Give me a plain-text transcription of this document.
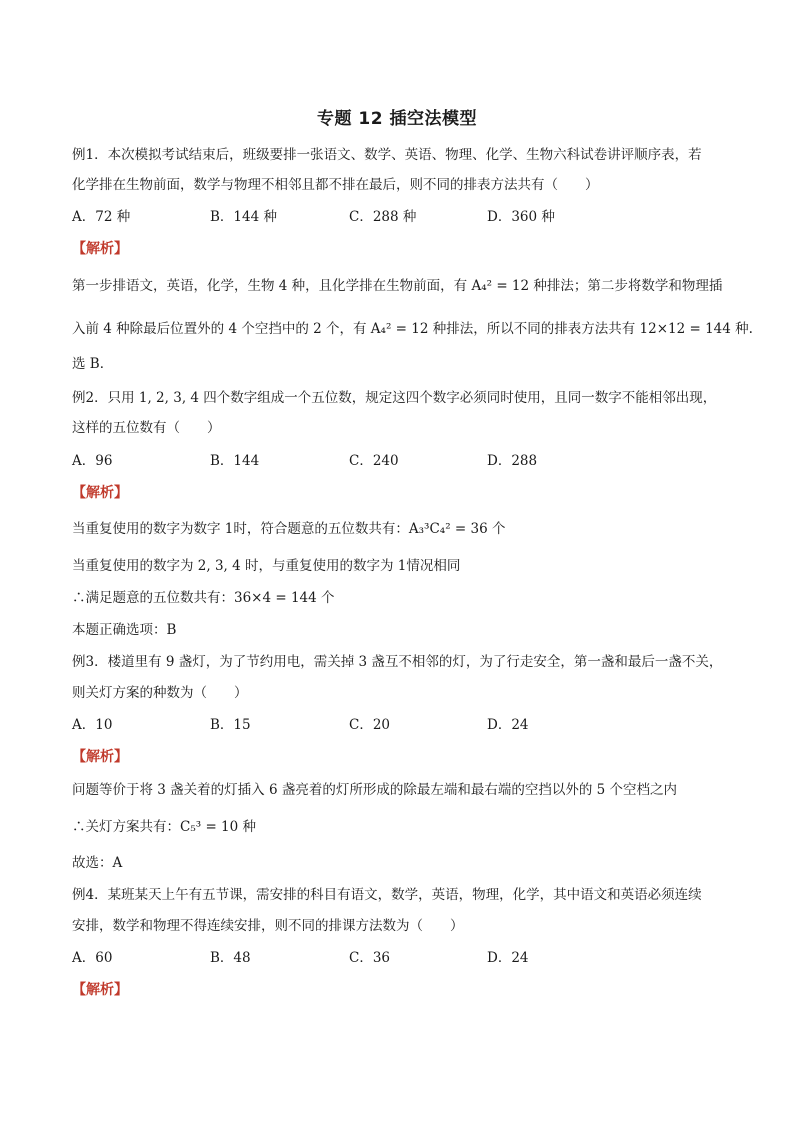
专题 12 插空法模型
例1．本次模拟考试结束后，班级要排一张语文、数学、英语、物理、化学、生物六科试卷讲评顺序表，若
化学排在生物前面，数学与物理不相邻且都不排在最后，则不同的排表方法共有（　　）
A．72 种	B．144 种	C．288 种	D．360 种
【解析】
第一步排语文，英语，化学，生物 4 种，且化学排在生物前面，有 A₄² = 12 种排法；第二步将数学和物理插
入前 4 种除最后位置外的 4 个空挡中的 2 个，有 A₄² = 12 种排法，所以不同的排表方法共有 12×12 = 144 种.
选 B．
例2．只用 1, 2, 3, 4 四个数字组成一个五位数，规定这四个数字必须同时使用，且同一数字不能相邻出现，
这样的五位数有（　　）
A．96	B．144	C．240	D．288
【解析】
当重复使用的数字为数字 1时，符合题意的五位数共有：A₃³C₄² = 36 个
当重复使用的数字为 2, 3, 4 时，与重复使用的数字为 1情况相同
∴满足题意的五位数共有：36×4 = 144 个
本题正确选项：B
例3．楼道里有 9 盏灯，为了节约用电，需关掉 3 盏互不相邻的灯，为了行走安全，第一盏和最后一盏不关，
则关灯方案的种数为（　　）
A．10	B．15	C．20	D．24
【解析】
问题等价于将 3 盏关着的灯插入 6 盏亮着的灯所形成的除最左端和最右端的空挡以外的 5 个空档之内
∴关灯方案共有：C₅³ = 10 种
故选：A
例4．某班某天上午有五节课，需安排的科目有语文，数学，英语，物理，化学，其中语文和英语必须连续
安排，数学和物理不得连续安排，则不同的排课方法数为（　　）
A．60	B．48	C．36	D．24
【解析】
